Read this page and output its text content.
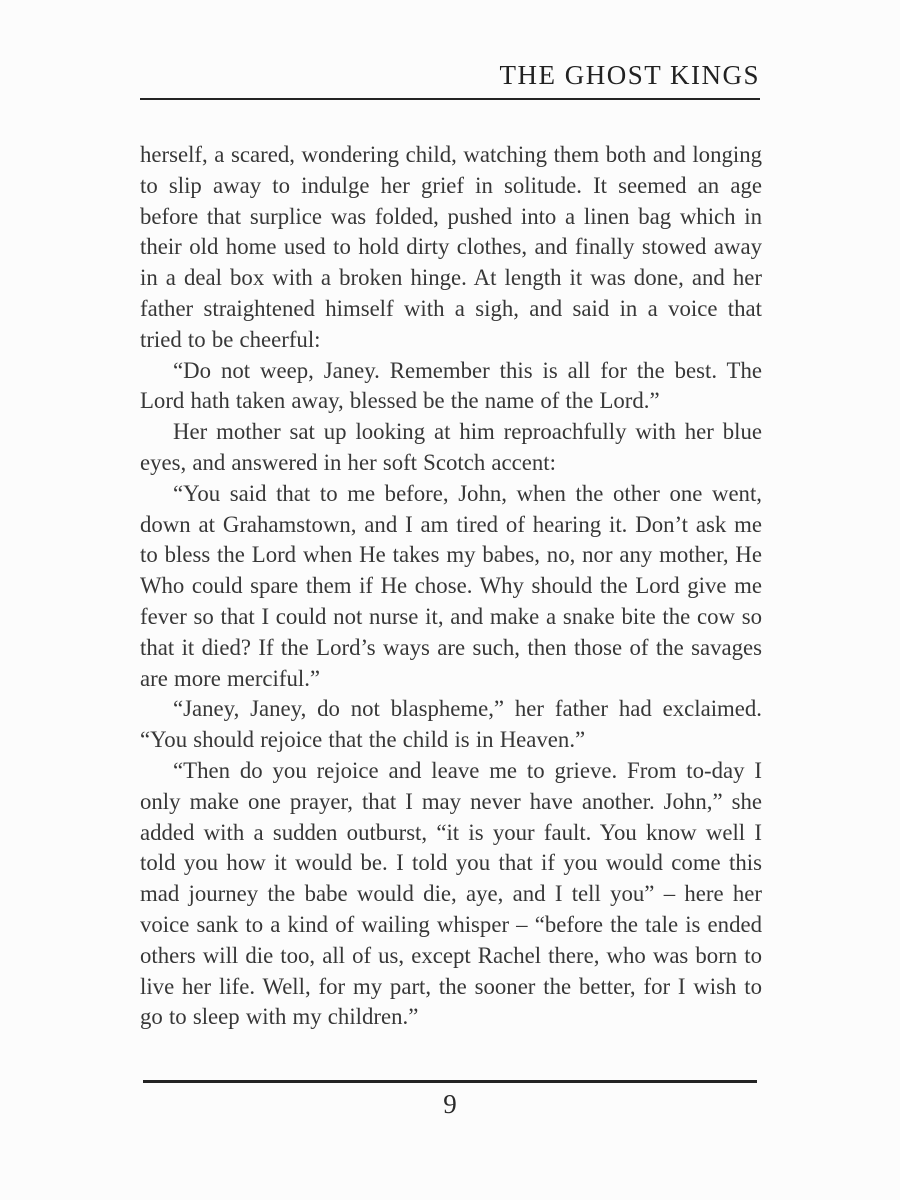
THE GHOST KINGS

herself, a scared, wondering child, watching them both and longing to slip away to indulge her grief in solitude. It seemed an age before that surplice was folded, pushed into a linen bag which in their old home used to hold dirty clothes, and finally stowed away in a deal box with a broken hinge. At length it was done, and her father straightened himself with a sigh, and said in a voice that tried to be cheerful:

“Do not weep, Janey. Remember this is all for the best. The Lord hath taken away, blessed be the name of the Lord.”

Her mother sat up looking at him reproachfully with her blue eyes, and answered in her soft Scotch accent:

“You said that to me before, John, when the other one went, down at Grahamstown, and I am tired of hearing it. Don’t ask me to bless the Lord when He takes my babes, no, nor any mother, He Who could spare them if He chose. Why should the Lord give me fever so that I could not nurse it, and make a snake bite the cow so that it died? If the Lord’s ways are such, then those of the savages are more merciful.”

“Janey, Janey, do not blaspheme,” her father had exclaimed. “You should rejoice that the child is in Heaven.”

“Then do you rejoice and leave me to grieve. From to-day I only make one prayer, that I may never have another. John,” she added with a sudden outburst, “it is your fault. You know well I told you how it would be. I told you that if you would come this mad journey the babe would die, aye, and I tell you” – here her voice sank to a kind of wailing whisper – “before the tale is ended others will die too, all of us, except Rachel there, who was born to live her life. Well, for my part, the sooner the better, for I wish to go to sleep with my children.”

9
